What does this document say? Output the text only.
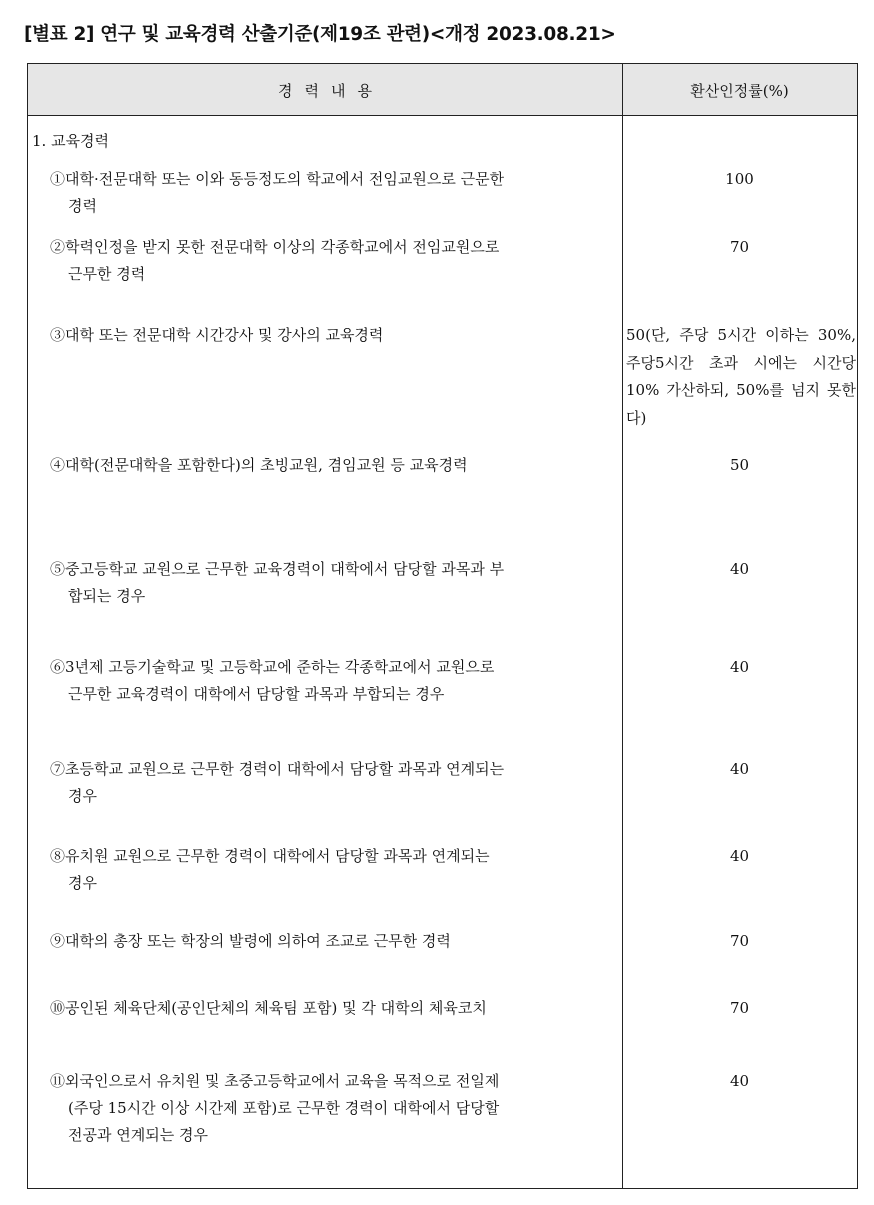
[별표 2] 연구 및 교육경력 산출기준(제19조 관련)<개정 2023.08.21>
경력내용	환산인정률(%)
1. 교육경력
①대학·전문대학 또는 이와 동등정도의 학교에서 전임교원으로 근문한
경력
100
②학력인정을 받지 못한 전문대학 이상의 각종학교에서 전임교원으로
근무한 경력
70
③대학 또는 전문대학 시간강사 및 강사의 교육경력	50(단, 주당 5시간 이하는 30%, 주당5시간 초과 시에는 시간당 10% 가산하되, 50%를 넘지 못한다)
④대학(전문대학을 포함한다)의 초빙교원, 겸임교원 등 교육경력	50
⑤중고등학교 교원으로 근무한 교육경력이 대학에서 담당할 과목과 부
합되는 경우
40
⑥3년제 고등기술학교 및 고등학교에 준하는 각종학교에서 교원으로
근무한 교육경력이 대학에서 담당할 과목과 부합되는 경우
40
⑦초등학교 교원으로 근무한 경력이 대학에서 담당할 과목과 연계되는
경우
40
⑧유치원 교원으로 근무한 경력이 대학에서 담당할 과목과 연계되는
경우
40
⑨대학의 총장 또는 학장의 발령에 의하여 조교로 근무한 경력	70
⑩공인된 체육단체(공인단체의 체육팀 포함) 및 각 대학의 체육코치	70
⑪외국인으로서 유치원 및 초중고등학교에서 교육을 목적으로 전일제
(주당 15시간 이상 시간제 포함)로 근무한 경력이 대학에서 담당할
전공과 연계되는 경우
40
